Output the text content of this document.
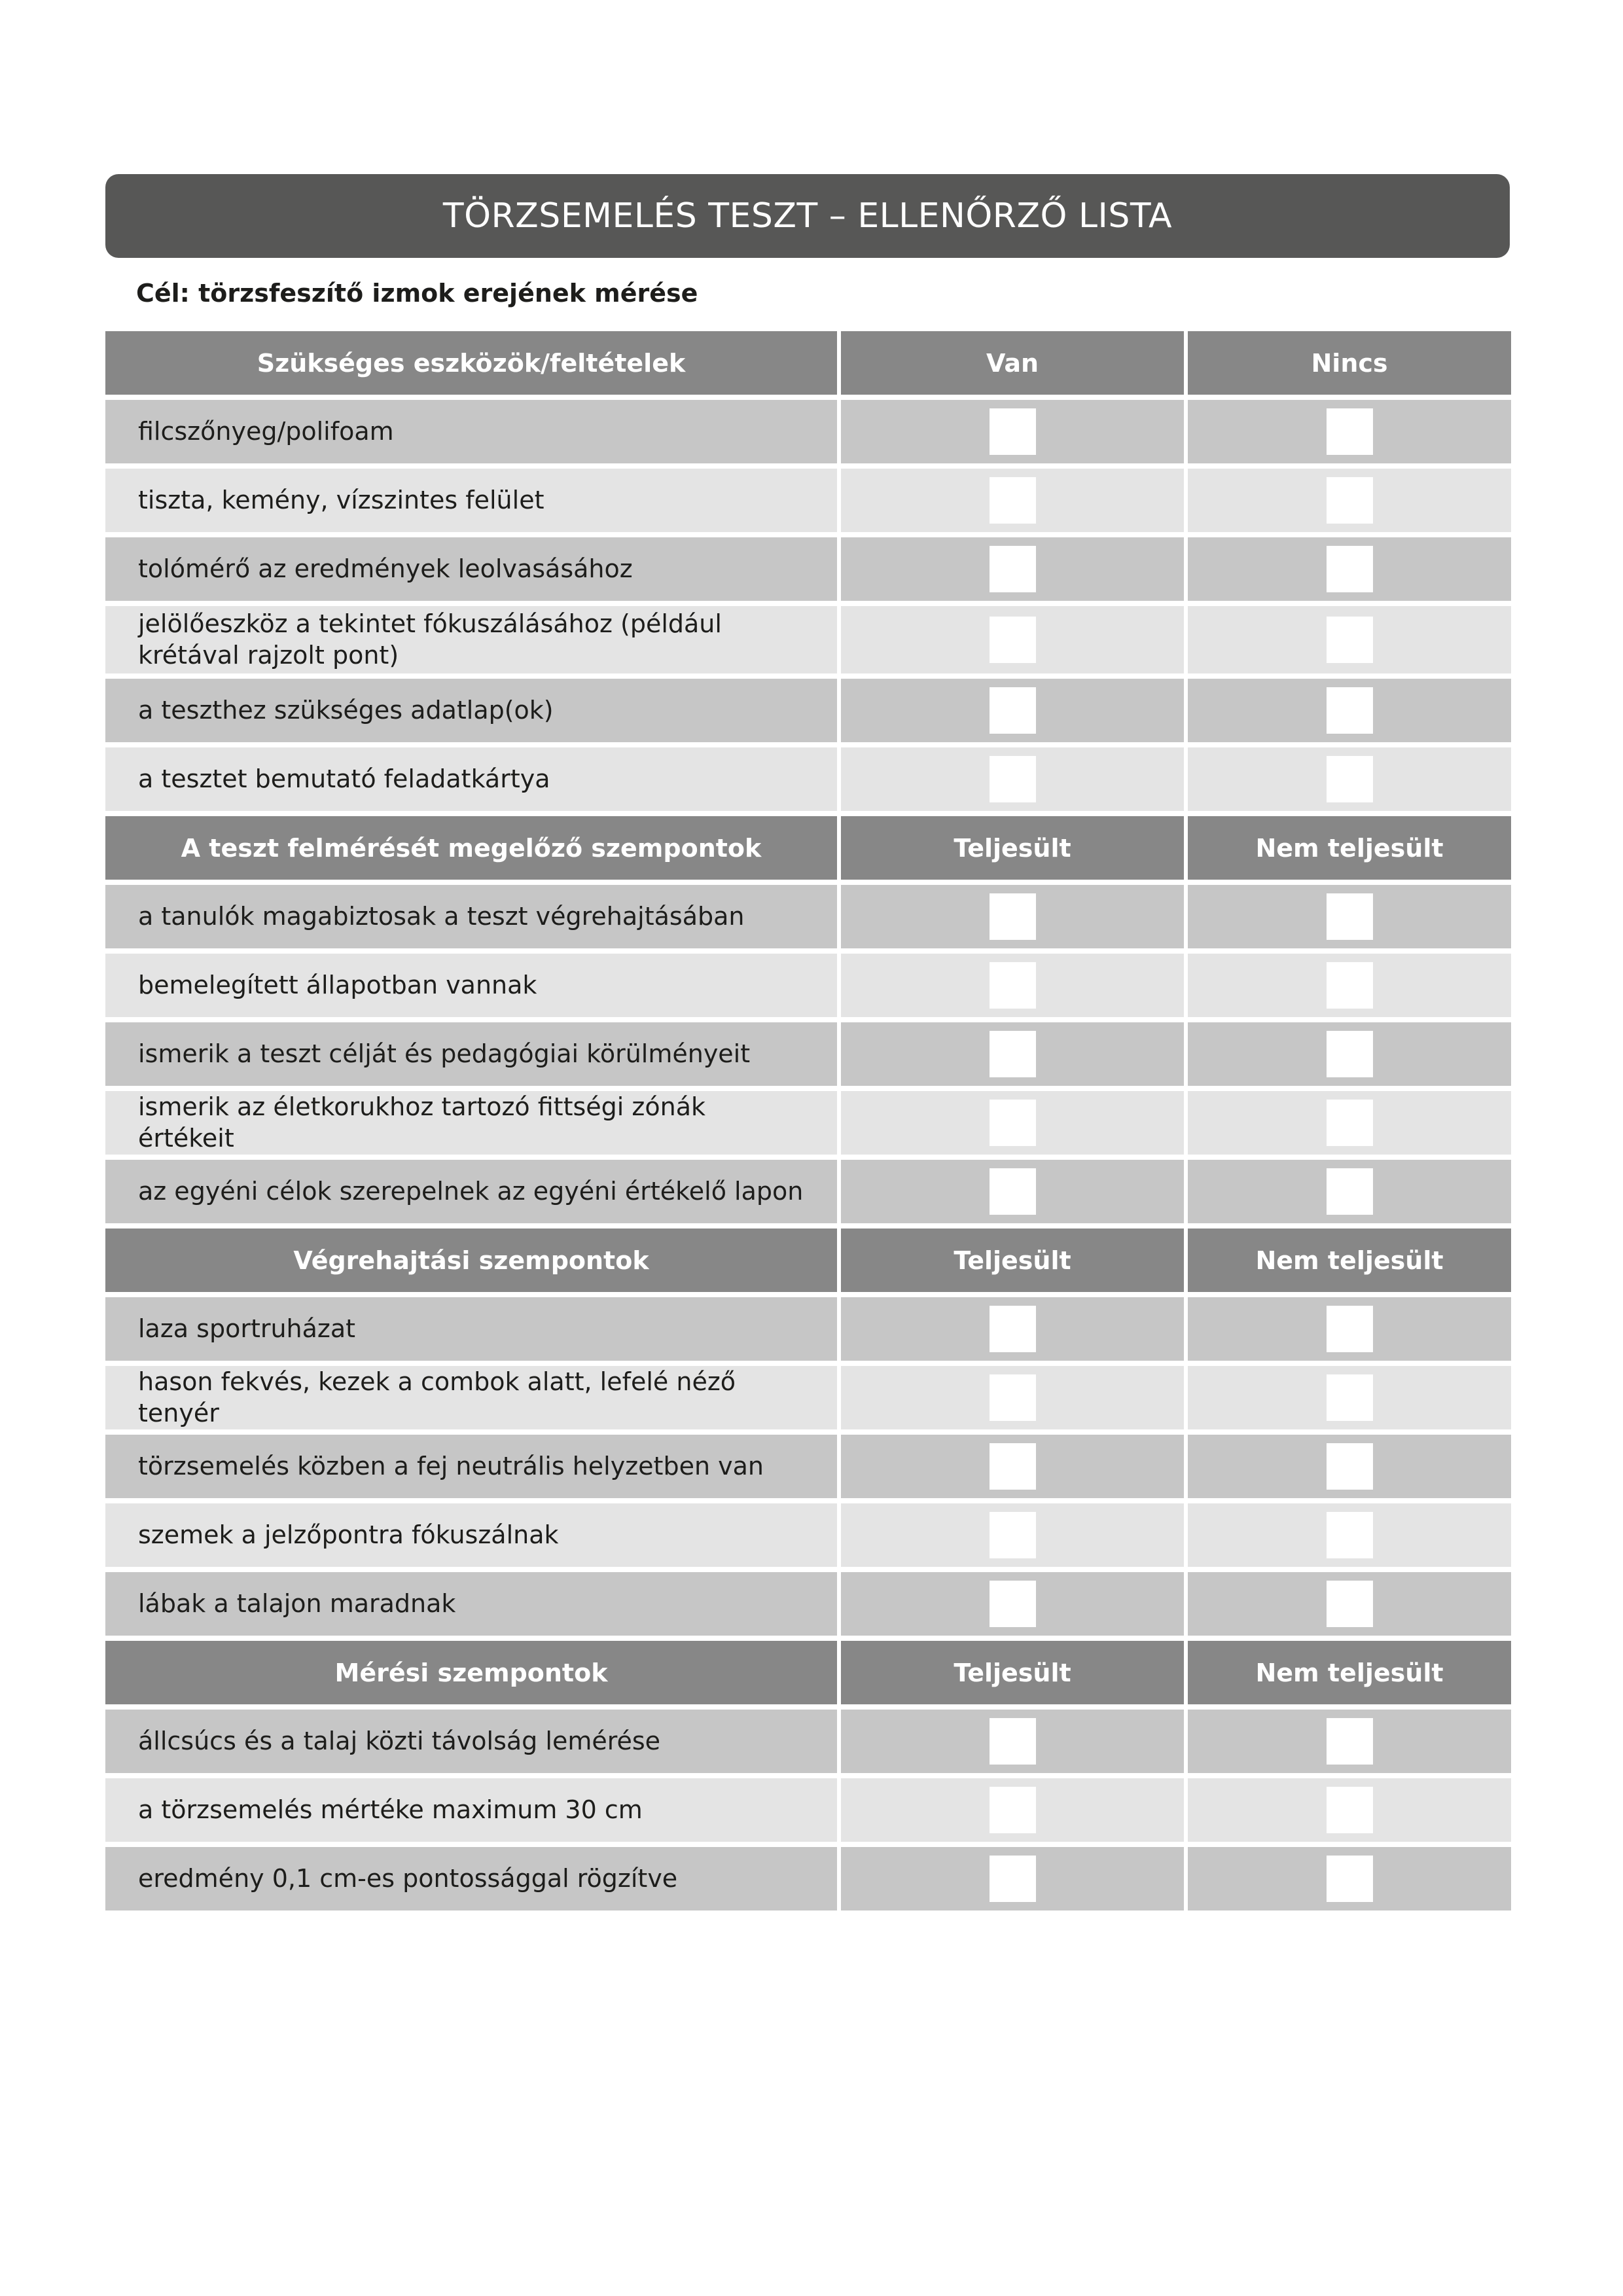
TÖRZSEMELÉS TESZT – ELLENŐRZŐ LISTA
Cél: törzsfeszítő izmok erejének mérése
Szükséges eszközök/feltételek	Van	Nincs
filcszőnyeg/polifoam
tiszta, kemény, vízszintes felület
tolómérő az eredmények leolvasásához
jelölőeszköz a tekintet fókuszálásához (például krétával rajzolt pont)
a teszthez szükséges adatlap(ok)
a tesztet bemutató feladatkártya
A teszt felmérését megelőző szempontok	Teljesült	Nem teljesült
a tanulók magabiztosak a teszt végrehajtásában
bemelegített állapotban vannak
ismerik a teszt célját és pedagógiai körülményeit
ismerik az életkorukhoz tartozó fittségi zónák értékeit
az egyéni célok szerepelnek az egyéni értékelő lapon
Végrehajtási szempontok	Teljesült	Nem teljesült
laza sportruházat
hason fekvés, kezek a combok alatt, lefelé néző tenyér
törzsemelés közben a fej neutrális helyzetben van
szemek a jelzőpontra fókuszálnak
lábak a talajon maradnak
Mérési szempontok	Teljesült	Nem teljesült
állcsúcs és a talaj közti távolság lemérése
a törzsemelés mértéke maximum 30 cm
eredmény 0,1 cm-es pontossággal rögzítve
